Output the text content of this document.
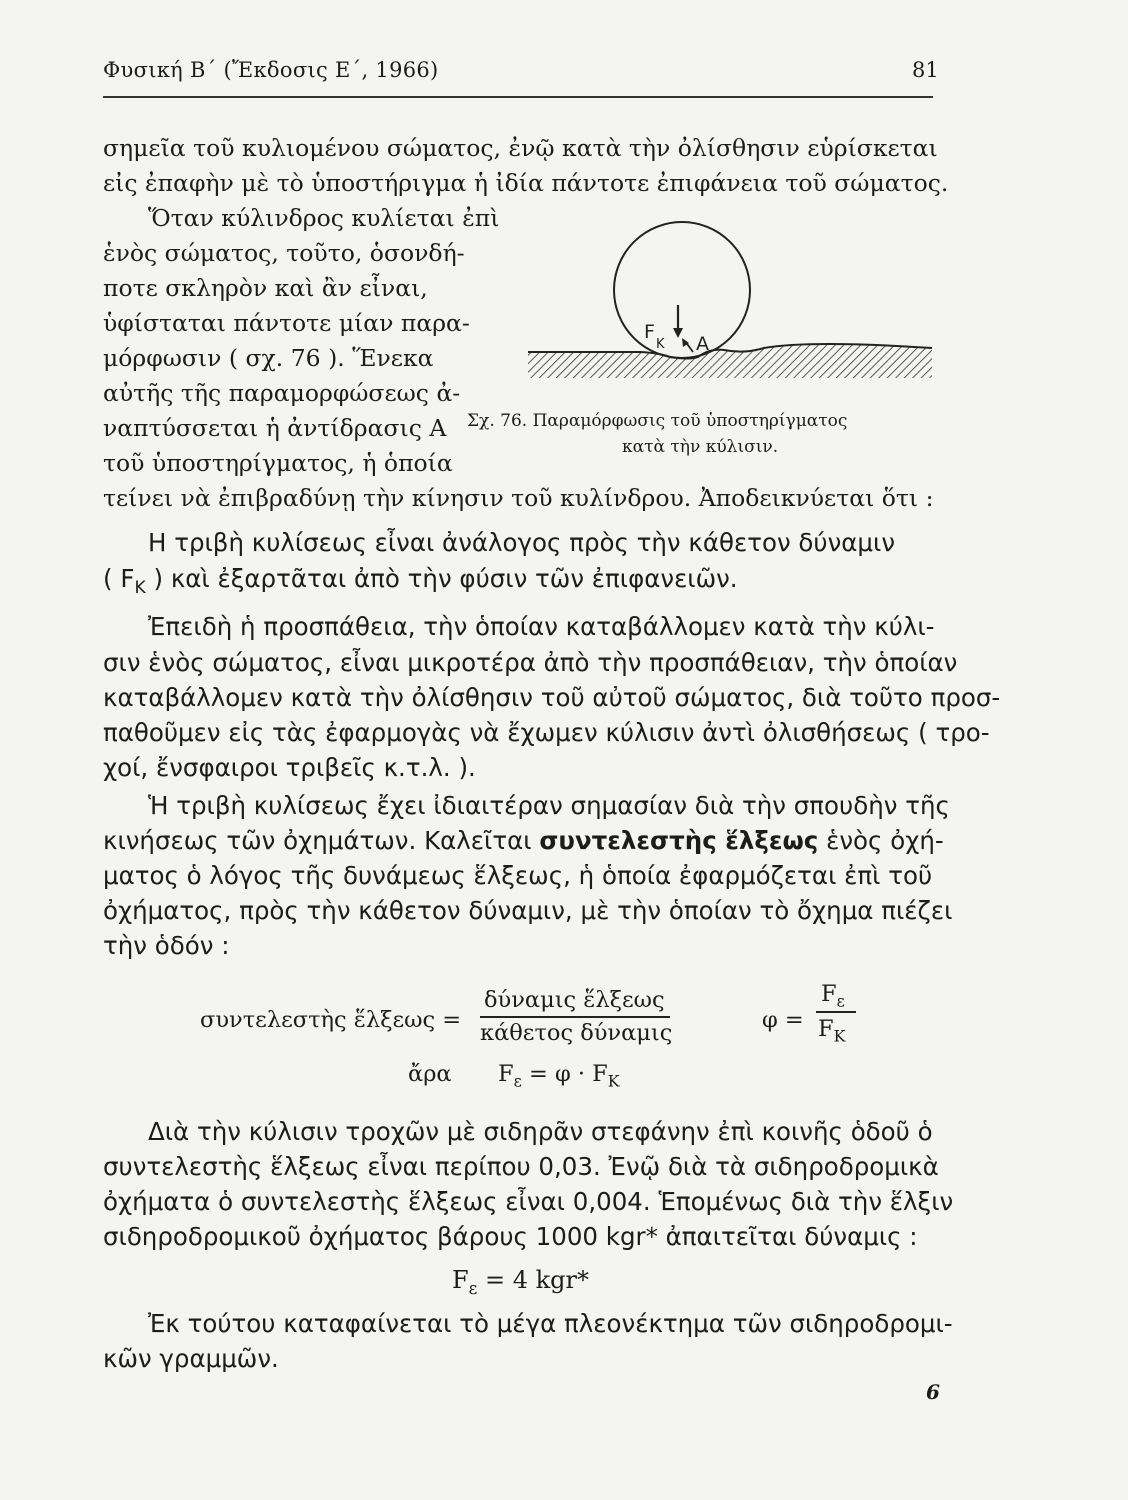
Φυσική Β΄ (Ἔκδοσις Ε΄, 1966)	81
σημεῖα τοῦ κυλιομένου σώματος, ἐνῷ κατὰ τὴν ὀλίσθησιν εὑρίσκεται
εἰς ἐπαφὴν μὲ τὸ ὑποστήριγμα ἡ ἰδία πάντοτε ἐπιφάνεια τοῦ σώματος.
Ὅταν κύλινδρος κυλίεται ἐπὶ
ἑνὸς σώματος, τοῦτο, ὁσονδή-
ποτε σκληρὸν καὶ ἂν εἶναι,
ὑφίσταται πάντοτε μίαν παρα-
μόρφωσιν ( σχ. 76 ). Ἕνεκα
αὐτῆς τῆς παραμορφώσεως ἀ-
ναπτύσσεται ἡ ἀντίδρασις Α
τοῦ ὑποστηρίγματος, ἡ ὁποία
τείνει νὰ ἐπιβραδύνῃ τὴν κίνησιν τοῦ κυλίνδρου. Ἀποδεικνύεται ὅτι :
F
K A
Σχ. 76. Παραμόρφωσις τοῦ ὑποστηρίγματος
κατὰ τὴν κύλισιν.
Η τριβὴ κυλίσεως εἶναι ἀνάλογος πρὸς τὴν κάθετον δύναμιν
( $F_K$ ) καὶ ἐξαρτᾶται ἀπὸ τὴν φύσιν τῶν ἐπιφανειῶν.
Ἐπειδὴ ἡ προσπάθεια, τὴν ὁποίαν καταβάλλομεν κατὰ τὴν κύλι-
σιν ἑνὸς σώματος, εἶναι μικροτέρα ἀπὸ τὴν προσπάθειαν, τὴν ὁποίαν
καταβάλλομεν κατὰ τὴν ὀλίσθησιν τοῦ αὐτοῦ σώματος, διὰ τοῦτο προσ-
παθοῦμεν εἰς τὰς ἐφαρμογὰς νὰ ἔχωμεν κύλισιν ἀντὶ ὀλισθήσεως ( τρο-
χοί, ἔνσφαιροι τριβεῖς κ.τ.λ. ).
Ἡ τριβὴ κυλίσεως ἔχει ἰδιαιτέραν σημασίαν διὰ τὴν σπουδὴν τῆς
κινήσεως τῶν ὀχημάτων. Καλεῖται συντελεστὴς ἕλξεως ἑνὸς ὀχή-
ματος ὁ λόγος τῆς δυνάμεως ἕλξεως, ἡ ὁποία ἐφαρμόζεται ἐπὶ τοῦ
ὀχήματος, πρὸς τὴν κάθετον δύναμιν, μὲ τὴν ὁποίαν τὸ ὄχημα πιέζει
τὴν ὁδόν :
συντελεστὴς ἕλξεως =
δύναμις ἕλξεως
κάθετος δύναμις	φ =
$F_\varepsilon$
$F_K$
ἄρα $F_\varepsilon = \varphi \cdot F_K$
Διὰ τὴν κύλισιν τροχῶν μὲ σιδηρᾶν στεφάνην ἐπὶ κοινῆς ὁδοῦ ὁ
συντελεστὴς ἕλξεως εἶναι περίπου 0,03. Ἐνῷ διὰ τὰ σιδηροδρομικὰ
ὀχήματα ὁ συντελεστὴς ἕλξεως εἶναι 0,004. Ἑπομένως διὰ τὴν ἕλξιν
σιδηροδρομικοῦ ὀχήματος βάρους 1000 kgr* ἀπαιτεῖται δύναμις :
$F_\varepsilon = 4$ kgr*
Ἐκ τούτου καταφαίνεται τὸ μέγα πλεονέκτημα τῶν σιδηροδρομι-
κῶν γραμμῶν.
6
